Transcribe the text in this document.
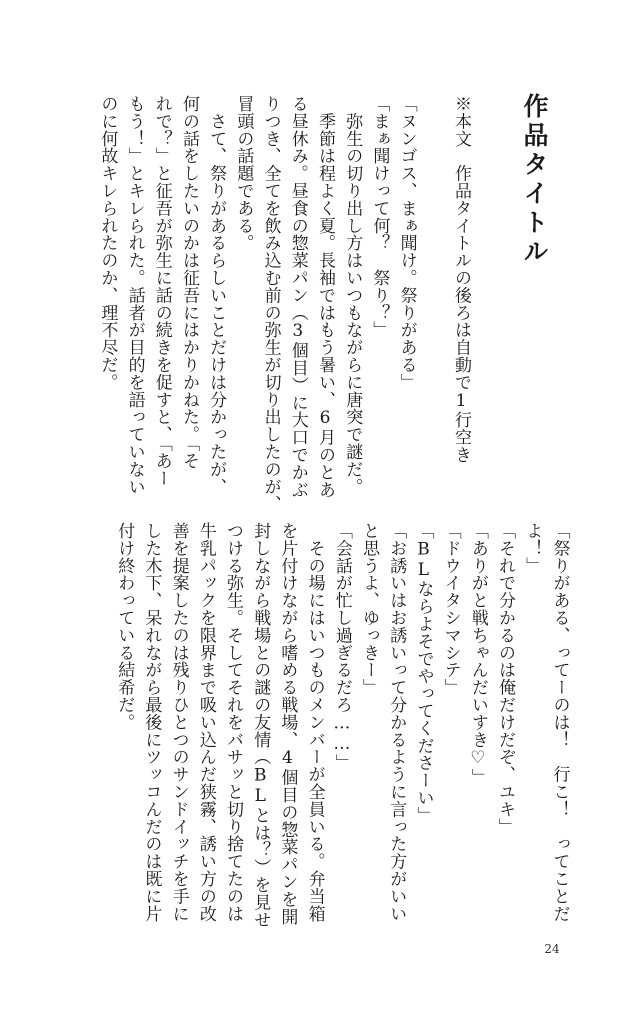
作品タイトル
※本文　作品タイトルの後ろは自動で1行空き

「ヌンゴス、まぁ聞け。祭りがある」
「まぁ聞けって何？　祭り？」
　弥生の切り出し方はいつもながらに唐突で謎だ。
　季節は程よく夏。長袖ではもう暑い、6月のとあ
る昼休み。昼食の惣菜パン（3個目）に大口でかぶ
りつき、全てを飲み込む前の弥生が切り出したのが、
冒頭の話題である。
　さて、祭りがあるらしいことだけは分かったが、
何の話をしたいのかは征吾にはかりかねた。「そ
れで？」と征吾が弥生に話の続きを促すと、「あー
もう！」とキレられた。話者が目的を語っていない
のに何故キレられたのか、理不尽だ。
「祭りがある、ってーのは！　行こ！　ってことだ
よ！」
「それで分かるのは俺だけだぞ、ユキ」
「ありがと戦ちゃんだいすき♡」
「ドウイタシマシテ」
「BLならよそでやってくださーい」
「お誘いはお誘いって分かるように言った方がいい
と思うよ、ゆっきー」
「会話が忙し過ぎるだろ……」
　その場にはいつものメンバーが全員いる。弁当箱
を片付けながら嗜める戦場、4個目の惣菜パンを開
封しながら戦場との謎の友情（BLとは？）を見せ
つける弥生。そしてそれをバサッと切り捨てたのは
牛乳パックを限界まで吸い込んだ狭霧、誘い方の改
善を提案したのは残りひとつのサンドイッチを手に
した木下、呆れながら最後にツッコんだのは既に片
付け終わっている結希だ。
24
